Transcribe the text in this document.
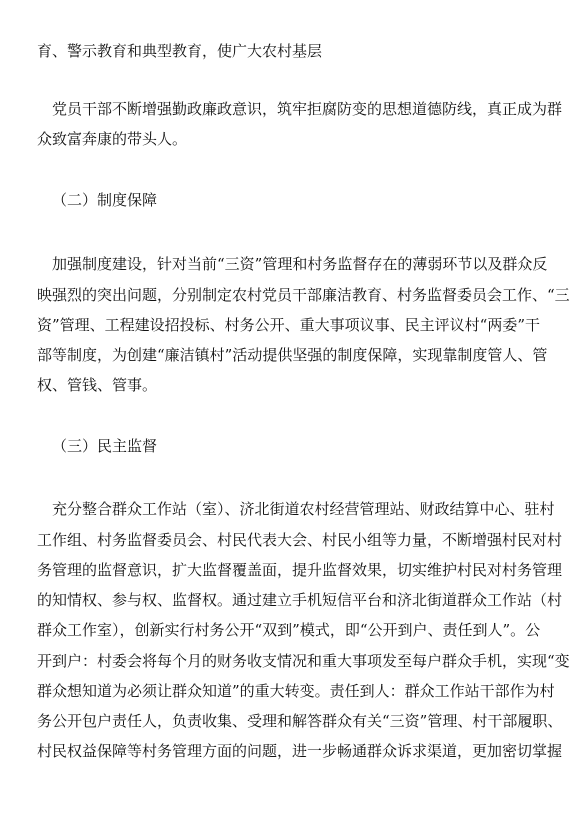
育、警示教育和典型教育，使广大农村基层
党员干部不断增强勤政廉政意识，筑牢拒腐防变的思想道德防线，真正成为群
众致富奔康的带头人。
（二）制度保障
加强制度建设，针对当前“三资”管理和村务监督存在的薄弱环节以及群众反
映强烈的突出问题，分别制定农村党员干部廉洁教育、村务监督委员会工作、“三
资”管理、工程建设招投标、村务公开、重大事项议事、民主评议村“两委”干
部等制度，为创建“廉洁镇村”活动提供坚强的制度保障，实现靠制度管人、管
权、管钱、管事。
（三）民主监督
充分整合群众工作站（室）、济北街道农村经营管理站、财政结算中心、驻村
工作组、村务监督委员会、村民代表大会、村民小组等力量，不断增强村民对村
务管理的监督意识，扩大监督覆盖面，提升监督效果，切实维护村民对村务管理
的知情权、参与权、监督权。通过建立手机短信平台和济北街道群众工作站（村
群众工作室），创新实行村务公开“双到”模式，即“公开到户、责任到人”。公
开到户：村委会将每个月的财务收支情况和重大事项发至每户群众手机，实现“变
群众想知道为必须让群众知道”的重大转变。责任到人：群众工作站干部作为村
务公开包户责任人，负责收集、受理和解答群众有关“三资”管理、村干部履职、
村民权益保障等村务管理方面的问题，进一步畅通群众诉求渠道，更加密切掌握
